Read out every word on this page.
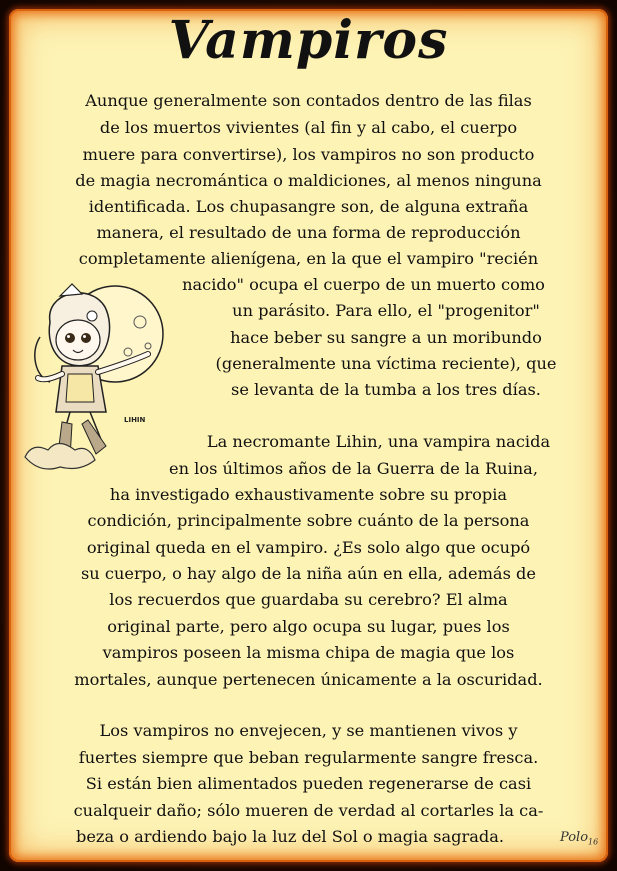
Vampiros
Aunque generalmente son contados dentro de las filas
de los muertos vivientes (al fin y al cabo, el cuerpo
muere para convertirse), los vampiros no son producto
de magia necromántica o maldiciones, al menos ninguna
identificada. Los chupasangre son, de alguna extraña
manera, el resultado de una forma de reproducción
completamente alienígena, en la que el vampiro "recién
nacido" ocupa el cuerpo de un muerto como
un parásito. Para ello, el "progenitor"
hace beber su sangre a un moribundo
(generalmente una víctima reciente), que
se levanta de la tumba a los tres días.
La necromante Lihin, una vampira nacida
en los últimos años de la Guerra de la Ruina,
ha investigado exhaustivamente sobre su propia
condición, principalmente sobre cuánto de la persona
original queda en el vampiro. ¿Es solo algo que ocupó
su cuerpo, o hay algo de la niña aún en ella, además de
los recuerdos que guardaba su cerebro? El alma
original parte, pero algo ocupa su lugar, pues los
vampiros poseen la misma chipa de magia que los
mortales, aunque pertenecen únicamente a la oscuridad.
Los vampiros no envejecen, y se mantienen vivos y
fuertes siempre que beban regularmente sangre fresca.
Si están bien alimentados pueden regenerarse de casi
cualqueir daño; sólo mueren de verdad al cortarles la ca-
beza o ardiendo bajo la luz del Sol o magia sagrada.
LIHIN
Polo$_{16}$
